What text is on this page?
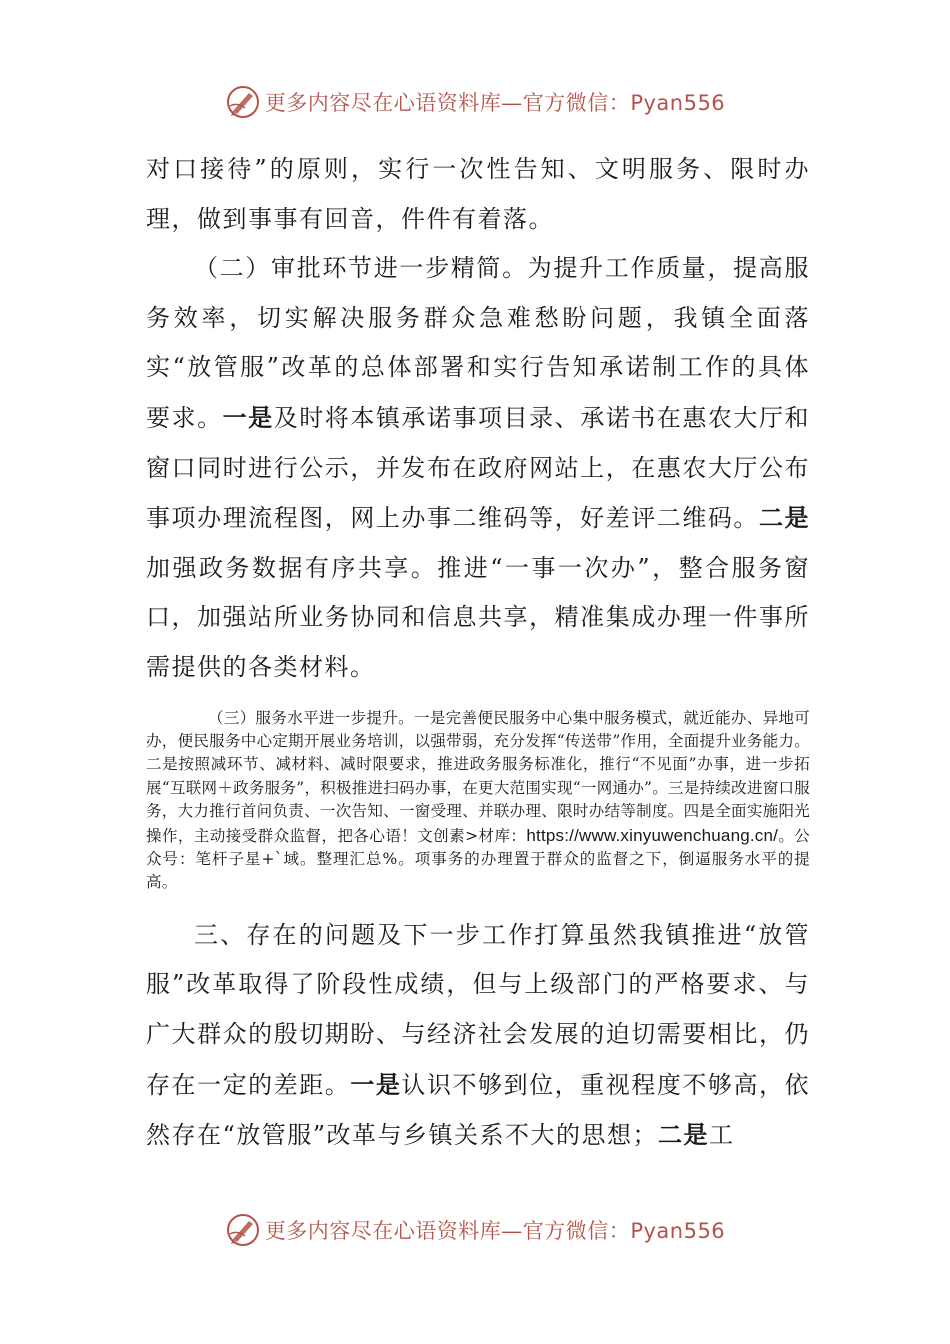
更多内容尽在心语资料库—官方微信：Pyan556

对口接待”的原则，实行一次性告知、文明服务、限时办理，做到事事有回音，件件有着落。

（二）审批环节进一步精简。为提升工作质量，提高服务效率，切实解决服务群众急难愁盼问题，我镇全面落实“放管服”改革的总体部署和实行告知承诺制工作的具体要求。一是及时将本镇承诺事项目录、承诺书在惠农大厅和窗口同时进行公示，并发布在政府网站上，在惠农大厅公布事项办理流程图，网上办事二维码等，好差评二维码。二是加强政务数据有序共享。推进“一事一次办”，整合服务窗口，加强站所业务协同和信息共享，精准集成办理一件事所需提供的各类材料。

（三）服务水平进一步提升。一是完善便民服务中心集中服务模式，就近能办、异地可办，便民服务中心定期开展业务培训，以强带弱，充分发挥“传送带”作用，全面提升业务能力。二是按照减环节、减材料、减时限要求，推进政务服务标准化，推行“不见面”办事，进一步拓展“互联网＋政务服务”，积极推进扫码办事，在更大范围实现“一网通办”。三是持续改进窗口服务，大力推行首问负责、一次告知、一窗受理、并联办理、限时办结等制度。四是全面实施阳光操作，主动接受群众监督，把各心语！文创素>材库：https://www.xinyuwenchuang.cn/。公众号：笔杆子星+`域。整理汇总%。项事务的办理置于群众的监督之下，倒逼服务水平的提高。

三、存在的问题及下一步工作打算虽然我镇推进“放管服”改革取得了阶段性成绩，但与上级部门的严格要求、与广大群众的殷切期盼、与经济社会发展的迫切需要相比，仍存在一定的差距。一是认识不够到位，重视程度不够高，依然存在“放管服”改革与乡镇关系不大的思想；二是工

更多内容尽在心语资料库—官方微信：Pyan556
